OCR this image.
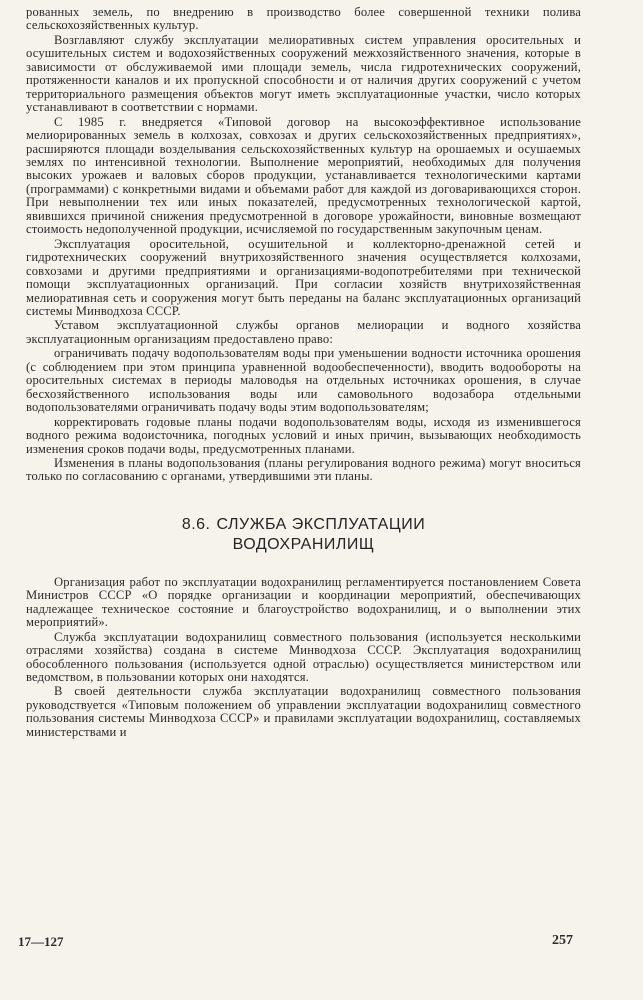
рованных земель, по внедрению в производство более совершенной техники полива сельскохозяйственных культур.

Возглавляют службу эксплуатации мелиоративных систем управления оросительных и осушительных систем и водохозяйственных сооружений межхозяйственного значения, которые в зависимости от обслуживаемой ими площади земель, числа гидротехнических сооружений, протяженности каналов и их пропускной способности и от наличия других сооружений с учетом территориального размещения объектов могут иметь эксплуатационные участки, число которых устанавливают в соответствии с нормами.

С 1985 г. внедряется «Типовой договор на высокоэффективное использование мелиорированных земель в колхозах, совхозах и других сельскохозяйственных предприятиях», расширяются площади возделывания сельскохозяйственных культур на орошаемых и осушаемых землях по интенсивной технологии. Выполнение мероприятий, необходимых для получения высоких урожаев и валовых сборов продукции, устанавливается технологическими картами (программами) с конкретными видами и объемами работ для каждой из договаривающихся сторон. При невыполнении тех или иных показателей, предусмотренных технологической картой, явившихся причиной снижения предусмотренной в договоре урожайности, виновные возмещают стоимость недополученной продукции, исчисляемой по государственным закупочным ценам.

Эксплуатация оросительной, осушительной и коллекторно-дренажной сетей и гидротехнических сооружений внутрихозяйственного значения осуществляется колхозами, совхозами и другими предприятиями и организациями-водопотребителями при технической помощи эксплуатационных организаций. При согласии хозяйств внутрихозяйственная мелиоративная сеть и сооружения могут быть переданы на баланс эксплуатационных организаций системы Минводхоза СССР.

Уставом эксплуатационной службы органов мелиорации и водного хозяйства эксплуатационным организациям предоставлено право:

ограничивать подачу водопользователям воды при уменьшении водности источника орошения (с соблюдением при этом принципа уравненной водообеспеченности), вводить водообороты на оросительных системах в периоды маловодья на отдельных источниках орошения, в случае бесхозяйственного использования воды или самовольного водозабора отдельными водопользователями ограничивать подачу воды этим водопользователям;

корректировать годовые планы подачи водопользователям воды, исходя из изменившегося водного режима водоисточника, погодных условий и иных причин, вызывающих необходимость изменения сроков подачи воды, предусмотренных планами.

Изменения в планы водопользования (планы регулирования водного режима) могут вноситься только по согласованию с органами, утвердившими эти планы.

8.6. СЛУЖБА ЭКСПЛУАТАЦИИ
ВОДОХРАНИЛИЩ

Организация работ по эксплуатации водохранилищ регламентируется постановлением Совета Министров СССР «О порядке организации и координации мероприятий, обеспечивающих надлежащее техническое состояние и благоустройство водохранилищ, и о выполнении этих мероприятий».

Служба эксплуатации водохранилищ совместного пользования (используется несколькими отраслями хозяйства) создана в системе Минводхоза СССР. Эксплуатация водохранилищ обособленного пользования (используется одной отраслью) осуществляется министерством или ведомством, в пользовании которых они находятся.

В своей деятельности служба эксплуатации водохранилищ совместного пользования руководствуется «Типовым положением об управлении эксплуатации водохранилищ совместного пользования системы Минводхоза СССР» и правилами эксплуатации водохранилищ, составляемых министерствами и

17—127	257
